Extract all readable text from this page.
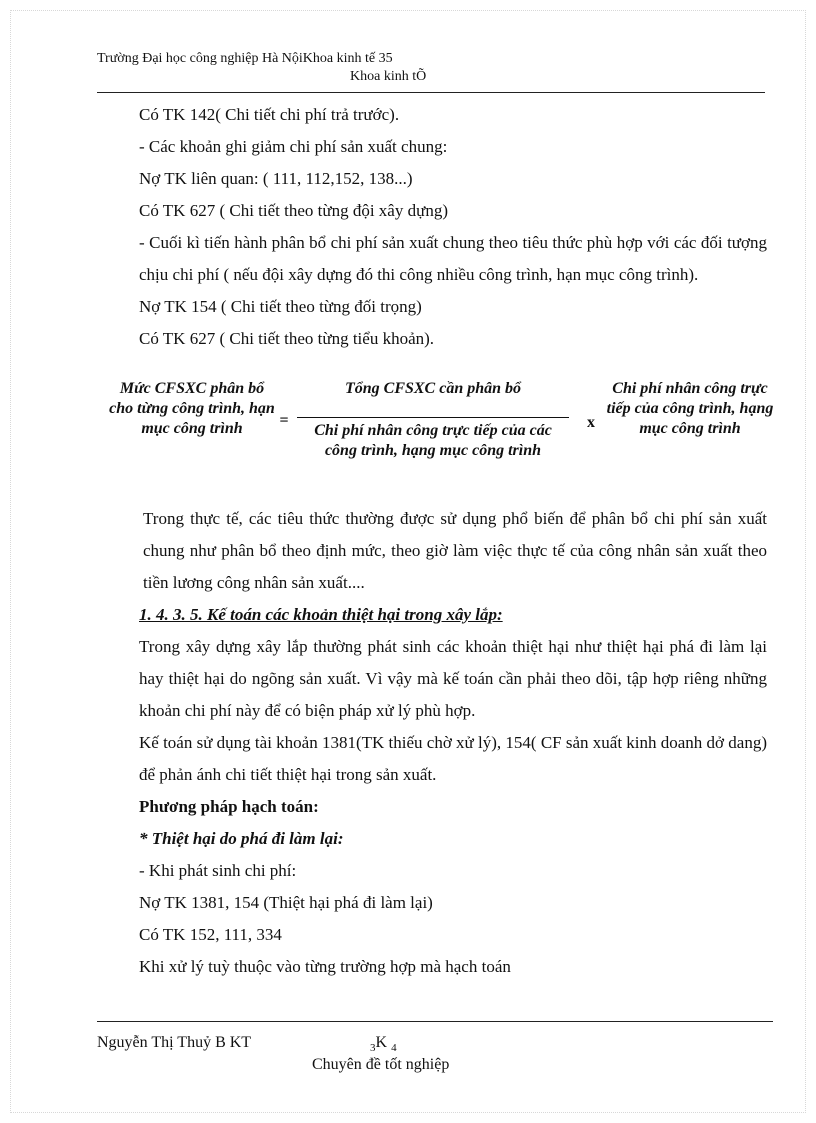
Trường Đại học công nghiệp Hà NộiKhoa kinh tế 35
Khoa kinh tÕ

Có TK 142( Chi tiết chi phí trả trước).

- Các khoản ghi giảm chi phí sản xuất chung:

Nợ TK liên quan: ( 111, 112,152, 138...)

Có TK 627 ( Chi tiết theo từng đội xây dựng)

- Cuối kì tiến hành phân bổ chi phí sản xuất chung theo tiêu thức phù hợp với các đối tượng chịu chi phí ( nếu đội xây dựng đó thi công nhiều công trình, hạn mục công trình).

Nợ TK 154 ( Chi tiết theo từng đối trọng)

Có TK 627 ( Chi tiết theo từng tiểu khoản).

Mức CFSXC phân bổ cho từng công trình, hạn mục công trình	=
Tổng CFSXC cần phân bổ
Chi phí nhân công trực tiếp của các công trình, hạng mục công trình
x
Chi phí nhân công trực tiếp của công trình, hạng mục công trình

Trong thực tế, các tiêu thức thường được sử dụng phổ biến để phân bổ chi phí sản xuất chung như phân bổ theo định mức, theo giờ làm việc thực tế của công nhân sản xuất theo tiền lương công nhân sản xuất....

1. 4. 3. 5. Kế toán các khoản thiệt hại trong xây lắp:

Trong xây dựng xây lắp thường phát sinh các khoản thiệt hại như thiệt hại phá đi làm lại hay thiệt hại do ngõng sản xuất. Vì vậy mà kế toán cần phải theo dõi, tập hợp riêng những khoản chi phí này để có biện pháp xử lý phù hợp.

Kế toán sử dụng tài khoản 1381(TK thiếu chờ xử lý), 154( CF sản xuất kinh doanh dở dang) để phản ánh chi tiết thiệt hại trong sản xuất.

Phương pháp hạch toán:

* Thiệt hại do phá đi làm lại:

- Khi phát sinh chi phí:

Nợ TK 1381, 154 (Thiệt hại phá đi làm lại)

Có TK 152, 111, 334

Khi xử lý tuỳ thuộc vào từng trường hợp mà hạch toán

Nguyễn Thị Thuỷ B KT	$_3$K $_4$
Chuyên đề tốt nghiệp
